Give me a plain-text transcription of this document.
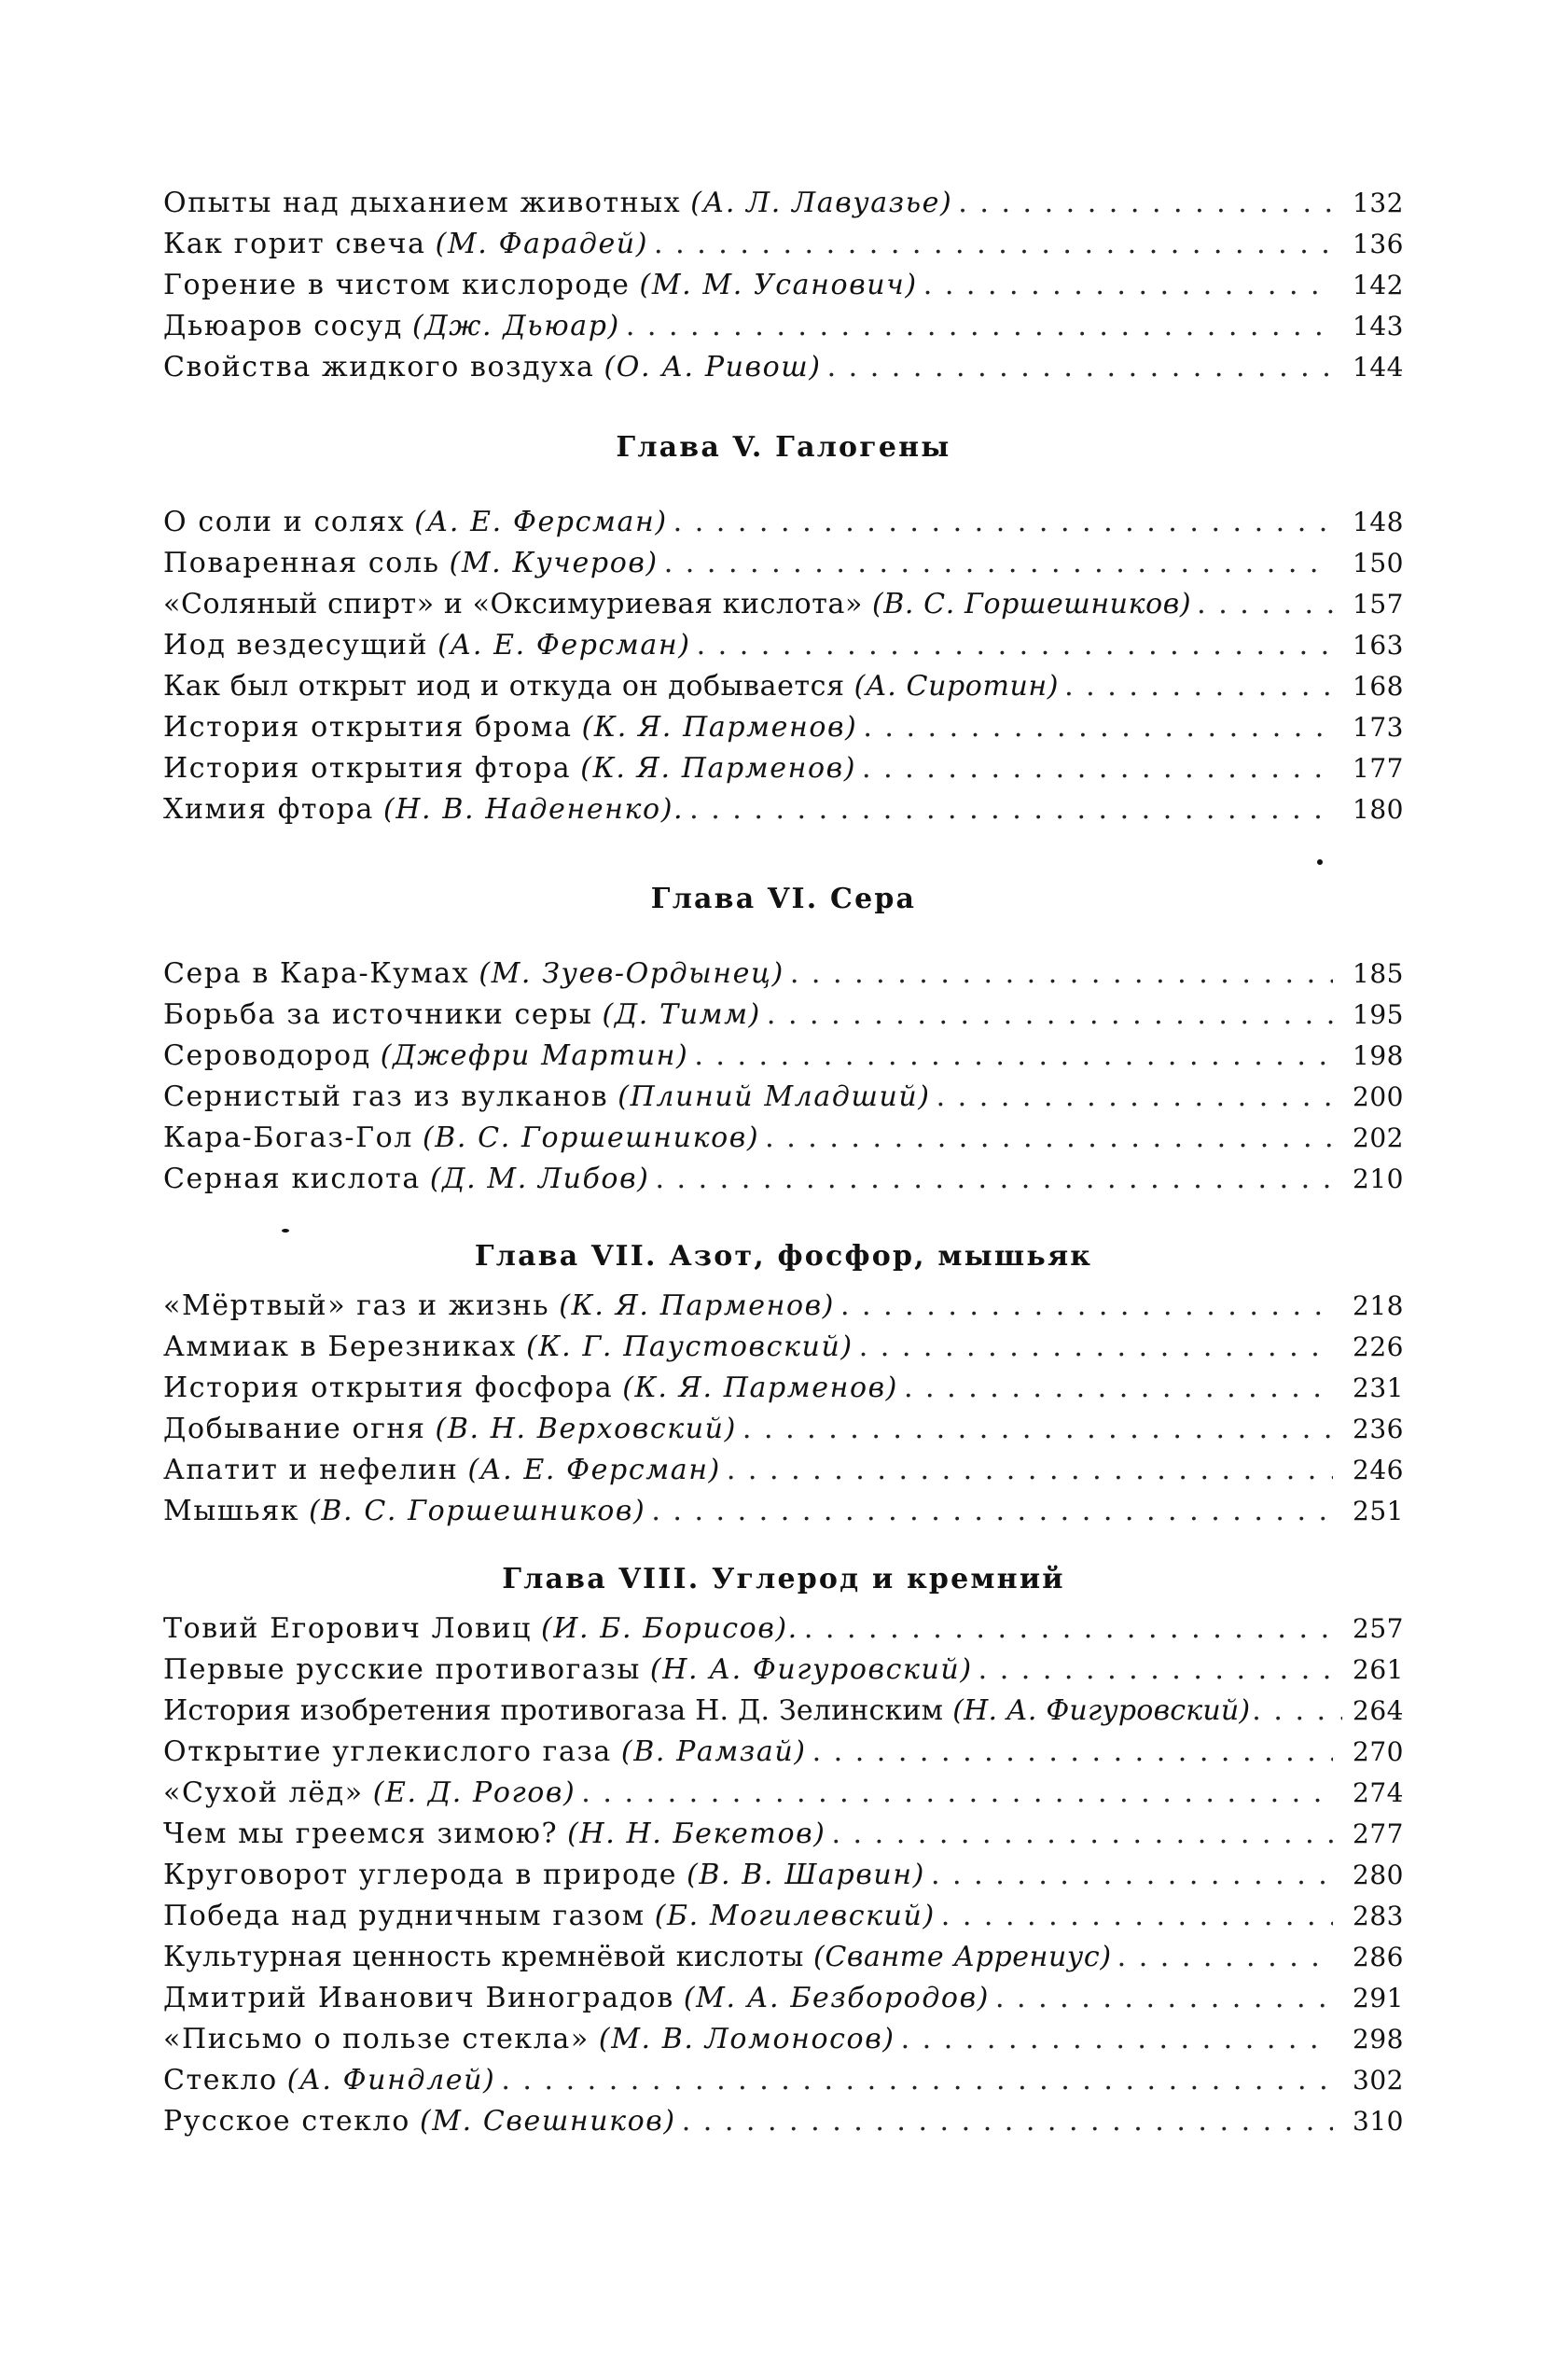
Опыты над дыханием животных (А. Л. Лавуазье) . . .	132
Как горит свеча (М. Фарадей) . . .	136
Горение в чистом кислороде (М. М. Усанович) . . .	142
Дьюаров сосуд (Дж. Дьюар) . . .	143
Свойства жидкого воздуха (О. А. Ривош) . . .	144
Глава V. Галогены
О соли и солях (А. Е. Ферсман) . . .	148
Поваренная соль (М. Кучеров) . . .	150
«Соляный спирт» и «Оксимуриевая кислота» (В. С. Горшешников) . . .	157
Иод вездесущий (А. Е. Ферсман) . . .	163
Как был открыт иод и откуда он добывается (А. Сиротин) . . .	168
История открытия брома (К. Я. Парменов) . . .	173
История открытия фтора (К. Я. Парменов) . . .	177
Химия фтора (Н. В. Надененко). . . .	180
Глава VI. Сера
Сера в Кара-Кумах (М. Зуев-Ордынец) . . .	185
Борьба за источники серы (Д. Тимм) . . .	195
Сероводород (Джефри Мартин) . . .	198
Сернистый газ из вулканов (Плиний Младший) . . .	200
Кара-Богаз-Гол (В. С. Горшешников) . . .	202
Серная кислота (Д. М. Либов) . . .	210
Глава VII. Азот, фосфор, мышьяк
«Мёртвый» газ и жизнь (К. Я. Парменов) . . .	218
Аммиак в Березниках (К. Г. Паустовский) . . .	226
История открытия фосфора (К. Я. Парменов) . . .	231
Добывание огня (В. Н. Верховский) . . .	236
Апатит и нефелин (А. Е. Ферсман) . . .	246
Мышьяк (В. С. Горшешников) . . .	251
Глава VIII. Углерод и кремний
Товий Егорович Ловиц (И. Б. Борисов). . . .	257
Первые русские противогазы (Н. А. Фигуровский) . . .	261
История изобретения противогаза Н. Д. Зелинским (Н. А. Фигуровский) . . .	264
Открытие углекислого газа (В. Рамзай) . . .	270
«Сухой лёд» (Е. Д. Рогов) . . .	274
Чем мы греемся зимою? (Н. Н. Бекетов) . . .	277
Круговорот углерода в природе (В. В. Шарвин) . . .	280
Победа над рудничным газом (Б. Могилевский) . . .	283
Культурная ценность кремнёвой кислоты (Сванте Аррениус) . . .	286
Дмитрий Иванович Виноградов (М. А. Безбородов) . . .	291
«Письмо о пользе стекла» (М. В. Ломоносов) . . .	298
Стекло (А. Финдлей) . . .	302
Русское стекло (М. Свешников) . . .	310
